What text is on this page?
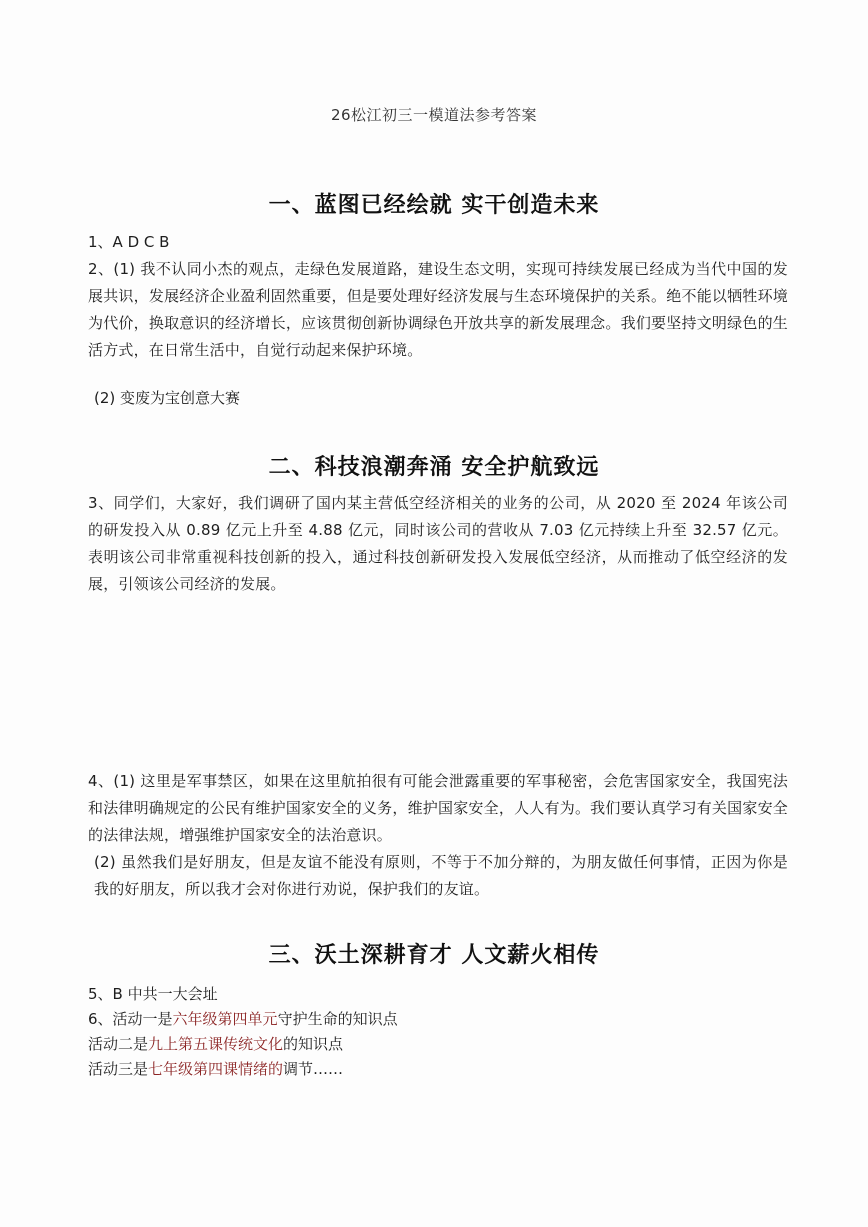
26松江初三一模道法参考答案
一、蓝图已经绘就 实干创造未来
1、A D C B
2、(1) 我不认同小杰的观点，走绿色发展道路，建设生态文明，实现可持续发展已经成为当代中国的发展共识，发展经济企业盈利固然重要，但是要处理好经济发展与生态环境保护的关系。绝不能以牺牲环境为代价，换取意识的经济增长，应该贯彻创新协调绿色开放共享的新发展理念。我们要坚持文明绿色的生活方式，在日常生活中，自觉行动起来保护环境。
(2) 变废为宝创意大赛
二、科技浪潮奔涌 安全护航致远
3、同学们，大家好，我们调研了国内某主营低空经济相关的业务的公司，从 2020 至 2024 年该公司的研发投入从 0.89 亿元上升至 4.88 亿元，同时该公司的营收从 7.03 亿元持续上升至 32.57 亿元。表明该公司非常重视科技创新的投入，通过科技创新研发投入发展低空经济，从而推动了低空经济的发展，引领该公司经济的发展。
4、(1) 这里是军事禁区，如果在这里航拍很有可能会泄露重要的军事秘密，会危害国家安全，我国宪法和法律明确规定的公民有维护国家安全的义务，维护国家安全，人人有为。我们要认真学习有关国家安全的法律法规，增强维护国家安全的法治意识。
(2) 虽然我们是好朋友，但是友谊不能没有原则，不等于不加分辩的，为朋友做任何事情，正因为你是我的好朋友，所以我才会对你进行劝说，保护我们的友谊。
三、沃土深耕育才 人文薪火相传
5、B 中共一大会址
6、活动一是六年级第四单元守护生命的知识点
活动二是九上第五课传统文化的知识点
活动三是七年级第四课情绪的调节……
